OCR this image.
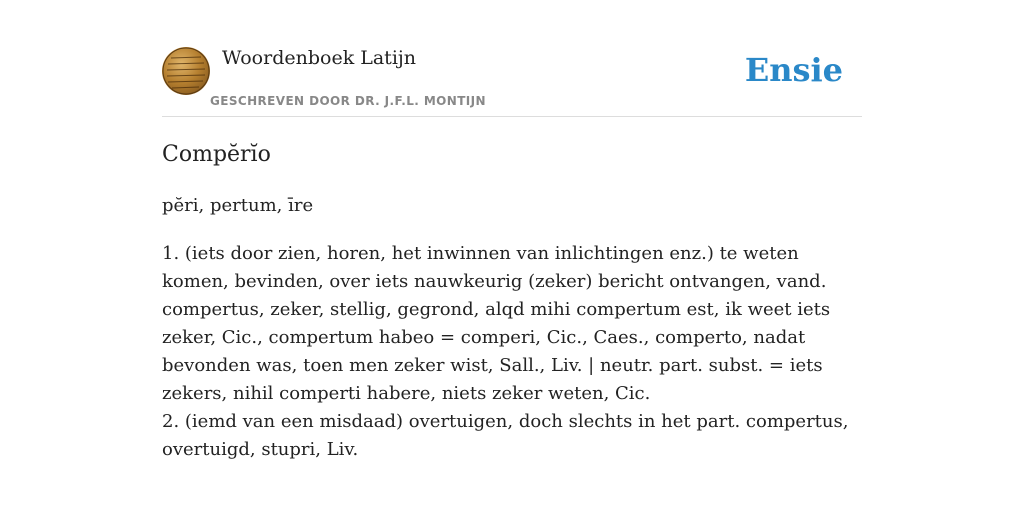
Woordenboek Latijn
GESCHREVEN DOOR DR. J.F.L. MONTIJN
Ensie
Compĕrĭo
pĕri, pertum, īre

1. (iets door zien, horen, het inwinnen van inlichtingen enz.) te weten komen, bevinden, over iets nauwkeurig (zeker) bericht ontvangen, vand. compertus, zeker, stellig, gegrond, alqd mihi compertum est, ik weet iets zeker, Cic., compertum habeo = comperi, Cic., Caes., comperto, nadat bevonden was, toen men zeker wist, Sall., Liv. | neutr. part. subst. = iets zekers, nihil comperti habere, niets zeker weten, Cic.

2. (iemd van een misdaad) overtuigen, doch slechts in het part. compertus, overtuigd, stupri, Liv.
